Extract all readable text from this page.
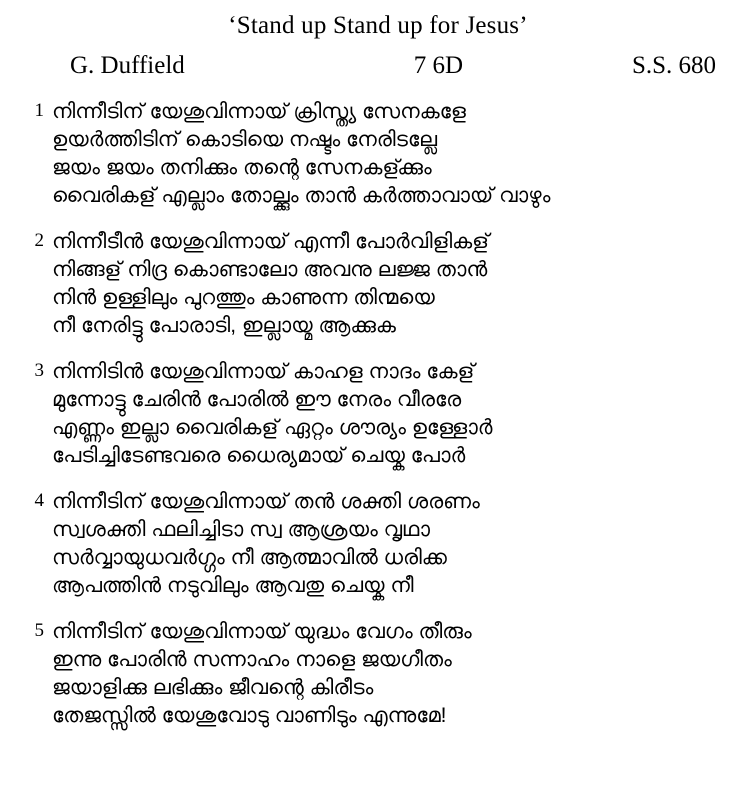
‘Stand up Stand up for Jesus’
G. Duffield	7 6D	S.S. 680
1 നിന്നീടിന് യേശുവിന്നായ് ക്രിസ്ത്യ സേനകളേ
ഉയർത്തിടിന് കൊടിയെ നഷ്ടം നേരിടല്ലേ
ജയം ജയം തനിക്കും തന്റെ സേനകള്ക്കും
വൈരികള് എല്ലാം തോല്ക്കും താൻ കർത്താവായ് വാഴും
2 നിന്നീടീൻ യേശുവിന്നായ് എന്നീ പോർവിളികള്
നിങ്ങള് നിദ്ര കൊണ്ടാലോ അവനു ലജ്ജ താൻ
നിൻ ഉള്ളിലും പുറത്തും കാണുന്ന തിന്മയെ
നീ നേരിട്ടു പോരാടി, ഇല്ലായ്മ ആക്കുക
3 നിന്നിടിൻ യേശുവിന്നായ് കാഹള നാദം കേള്
മുന്നോട്ടു ചേരിൻ പോരിൽ ഈ നേരം വീരരേ
എണ്ണം ഇല്ലാ വൈരികള് ഏറ്റം ശൗര്യം ഉള്ളോർ
പേടിച്ചിടേണ്ടവരെ ധൈര്യമായ് ചെയ്ക പോർ
4 നിന്നീടിന് യേശുവിന്നായ് തൻ ശക്തി ശരണം
സ്വശക്തി ഫലിച്ചിടാ സ്വ ആശ്രയം വൃഥാ
സർവ്വായുധവർഗ്ഗം നീ ആത്മാവിൽ ധരിക്ക
ആപത്തിൻ നടുവിലും ആവതു ചെയ്ക നീ
5 നിന്നീടിന് യേശുവിന്നായ് യുദ്ധം വേഗം തീരും
ഇന്നു പോരിൻ സന്നാഹം നാളെ ജയഗീതം
ജയാളിക്കു ലഭിക്കും ജീവന്റെ കിരീടം
തേജസ്സിൽ യേശുവോടു വാണിടും എന്നുമേ!
